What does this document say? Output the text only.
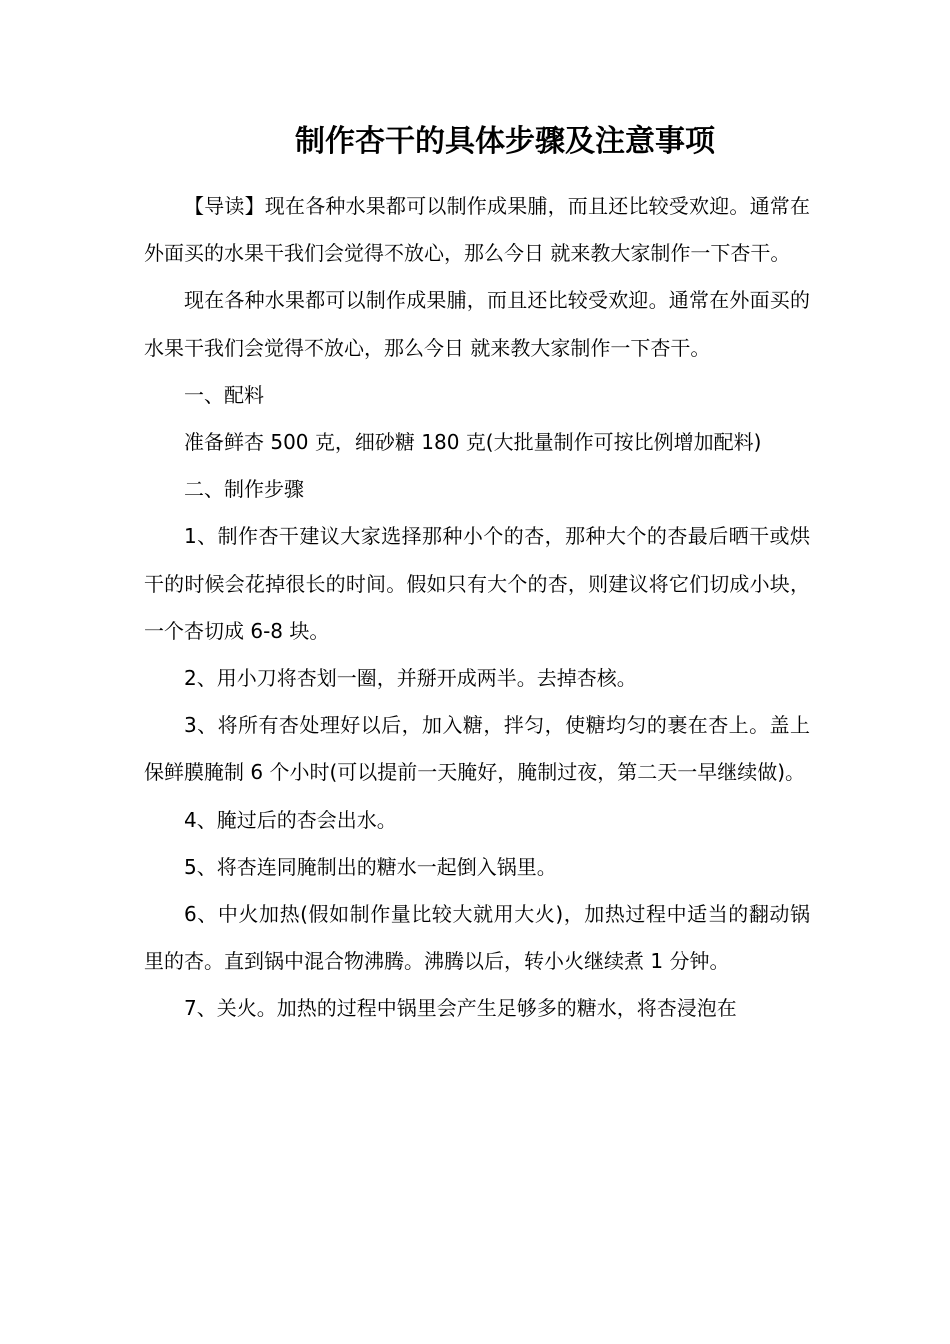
制作杏干的具体步骤及注意事项

【导读】现在各种水果都可以制作成果脯，而且还比较受欢迎。通常在外面买的水果干我们会觉得不放心，那么今日 就来教大家制作一下杏干。

现在各种水果都可以制作成果脯，而且还比较受欢迎。通常在外面买的水果干我们会觉得不放心，那么今日 就来教大家制作一下杏干。

一、配料

准备鲜杏 500 克，细砂糖 180 克(大批量制作可按比例增加配料)

二、制作步骤

1、制作杏干建议大家选择那种小个的杏，那种大个的杏最后晒干或烘干的时候会花掉很长的时间。假如只有大个的杏，则建议将它们切成小块，一个杏切成 6-8 块。

2、用小刀将杏划一圈，并掰开成两半。去掉杏核。

3、将所有杏处理好以后，加入糖，拌匀，使糖均匀的裹在杏上。盖上保鲜膜腌制 6 个小时(可以提前一天腌好，腌制过夜，第二天一早继续做)。

4、腌过后的杏会出水。

5、将杏连同腌制出的糖水一起倒入锅里。

6、中火加热(假如制作量比较大就用大火)，加热过程中适当的翻动锅里的杏。直到锅中混合物沸腾。沸腾以后，转小火继续煮 1 分钟。

7、关火。加热的过程中锅里会产生足够多的糖水，将杏浸泡在
